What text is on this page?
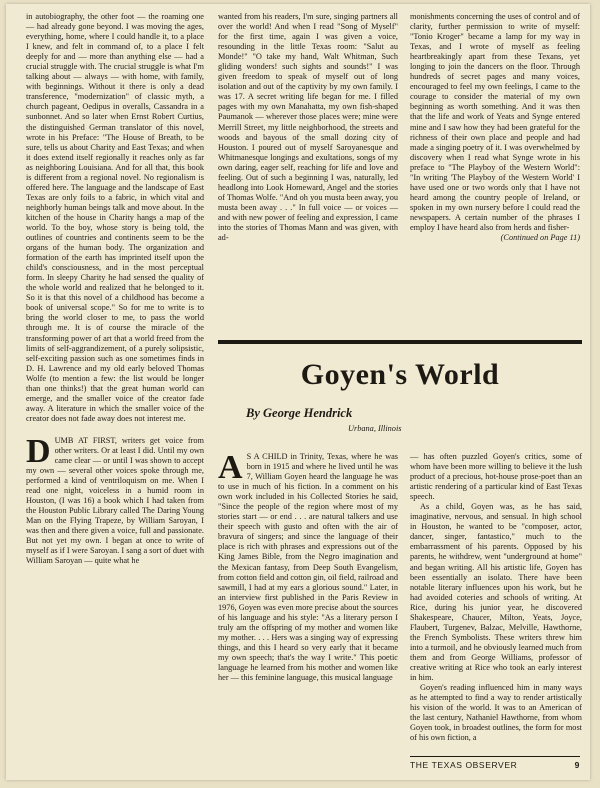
in autobiography, the other foot — the roaming one — had already gone beyond. I was moving the ages, everything, home, where I could handle it, to a place I knew, and felt in command of, to a place I felt deeply for and — more than anything else — had a crucial struggle with. The crucial struggle is what I'm talking about — always — with home, with family, with beginnings. Without it there is only a dead transference, "modernization" of classic myth, a church pageant, Oedipus in overalls, Cassandra in a sunbonnet. And so later when Ernst Robert Curtius, the distinguished German translator of this novel, wrote in his Preface: "The House of Breath, to be sure, tells us about Charity and East Texas; and when it does extend itself regionally it reaches only as far as neighboring Louisiana. And for all that, this book is different from a regional novel. No regionalism is offered here. The language and the landscape of East Texas are only foils to a fabric, in which vital and neighborly human beings talk and move about. In the kitchen of the house in Charity hangs a map of the world. To the boy, whose story is being told, the outlines of countries and continents seem to be the organs of the human body. The organization and formation of the earth has imprinted itself upon the child's consciousness, and in the most perceptual form. In sleepy Charity he had sensed the quality of the whole world and realized that he belonged to it. So it is that this novel of a childhood has become a book of universal scope." So for me to write is to bring the world closer to me, to pass the world through me. It is of course the miracle of the transforming power of art that a world freed from the limits of self-aggrandizement, of a purely solipsistic, self-exciting passion such as one sometimes finds in D. H. Lawrence and my old early beloved Thomas Wolfe (to mention a few: the list would be longer than one thinks!) that the great human world can emerge, and the smaller voice of the creator fade away. A literature in which the smaller voice of the creator does not fade away does not interest me.

D UMB AT FIRST, writers get voice from other writers. Or at least I did. Until my own came clear — or until I was shown to accept my own — several other voices spoke through me, performed a kind of ventriloquism on me. When I read one night, voiceless in a humid room in Houston, (I was 16) a book which I had taken from the Houston Public Library called The Daring Young Man on the Flying Trapeze, by William Saroyan, I was then and there given a voice, full and passionate. But not yet my own. I began at once to write of myself as if I were Saroyan. I sang a sort of duet with William Saroyan — quite what he

wanted from his readers, I'm sure, singing partners all over the world! And when I read "Song of Myself" for the first time, again I was given a voice, resounding in the little Texas room: "Salut au Monde!" "O take my hand, Walt Whitman, Such gliding wonders! such sights and sounds!" I was given freedom to speak of myself out of long isolation and out of the captivity by my own family. I was 17. A secret writing life began for me. I filled pages with my own Manahatta, my own fish-shaped Paumanok — wherever those places were; mine were Merrill Street, my little neighborhood, the streets and woods and bayous of the small dozing city of Houston. I poured out of myself Saroyanesque and Whitmanesque longings and exultations, songs of my own daring, eager self, reaching for life and love and feeling. Out of such a beginning I was, naturally, led headlong into Look Homeward, Angel and the stories of Thomas Wolfe. "And oh you musta been away, you musta been away . . ." In full voice — or voices — and with new power of feeling and expression, I came into the stories of Thomas Mann and was given, with ad-

monishments concerning the uses of control and of clarity, further permission to write of myself: "Tonio Kroger" became a lamp for my way in Texas, and I wrote of myself as feeling heartbreakingly apart from these Texans, yet longing to join the dancers on the floor. Through hundreds of secret pages and many voices, encouraged to feel my own feelings, I came to the courage to consider the material of my own beginning as worth something. And it was then that the life and work of Yeats and Synge entered mine and I saw how they had been grateful for the richness of their own place and people and had made a singing poetry of it. I was overwhelmed by discovery when I read what Synge wrote in his preface to "The Playboy of the Western World": "In writing 'The Playboy of the Western World' I have used one or two words only that I have not heard among the country people of Ireland, or spoken in my own nursery before I could read the newspapers. A certain number of the phrases I employ I have heard also from herds and fisher-

(Continued on Page 11)

Goyen's World
By George Hendrick
Urbana, Illinois
A S A CHILD in Trinity, Texas, where he was born in 1915 and where he lived until he was 7, William Goyen heard the language he was to use in much of his fiction. In a comment on his own work included in his Collected Stories he said, "Since the people of the region where most of my stories start — or end . . . are natural talkers and use their speech with gusto and often with the air of bravura of singers; and since the language of their place is rich with phrases and expressions out of the King James Bible, from the Negro imagination and the Mexican fantasy, from Deep South Evangelism, from cotton field and cotton gin, oil field, railroad and sawmill, I had at my ears a glorious sound." Later, in an interview first published in the Paris Review in 1976, Goyen was even more precise about the sources of his language and his style: "As a literary person I truly am the offspring of my mother and women like my mother. . . . Hers was a singing way of expressing things, and this I heard so very early that it became my own speech; that's the way I write." This poetic language he learned from his mother and women like her — this feminine language, this musical language

— has often puzzled Goyen's critics, some of whom have been more willing to believe it the lush product of a precious, hot-house prose-poet than an artistic rendering of a particular kind of East Texas speech.

As a child, Goyen was, as he has said, imaginative, nervous, and sensual. In high school in Houston, he wanted to be "composer, actor, dancer, singer, fantastico," much to the embarrassment of his parents. Opposed by his parents, he withdrew, went "underground at home" and began writing. All his artistic life, Goyen has been essentially an isolato. There have been notable literary influences upon his work, but he had avoided coteries and schools of writing. At Rice, during his junior year, he discovered Shakespeare, Chaucer, Milton, Yeats, Joyce, Flaubert, Turgenev, Balzac, Melville, Hawthorne, the French Symbolists. These writers threw him into a turmoil, and he obviously learned much from them and from George Williams, professor of creative writing at Rice who took an early interest in him.

Goyen's reading influenced him in many ways as he attempted to find a way to render artistically his vision of the world. It was to an American of the last century, Nathaniel Hawthorne, from whom Goyen took, in broadest outlines, the form for most of his own fiction, a

THE TEXAS OBSERVER	9
